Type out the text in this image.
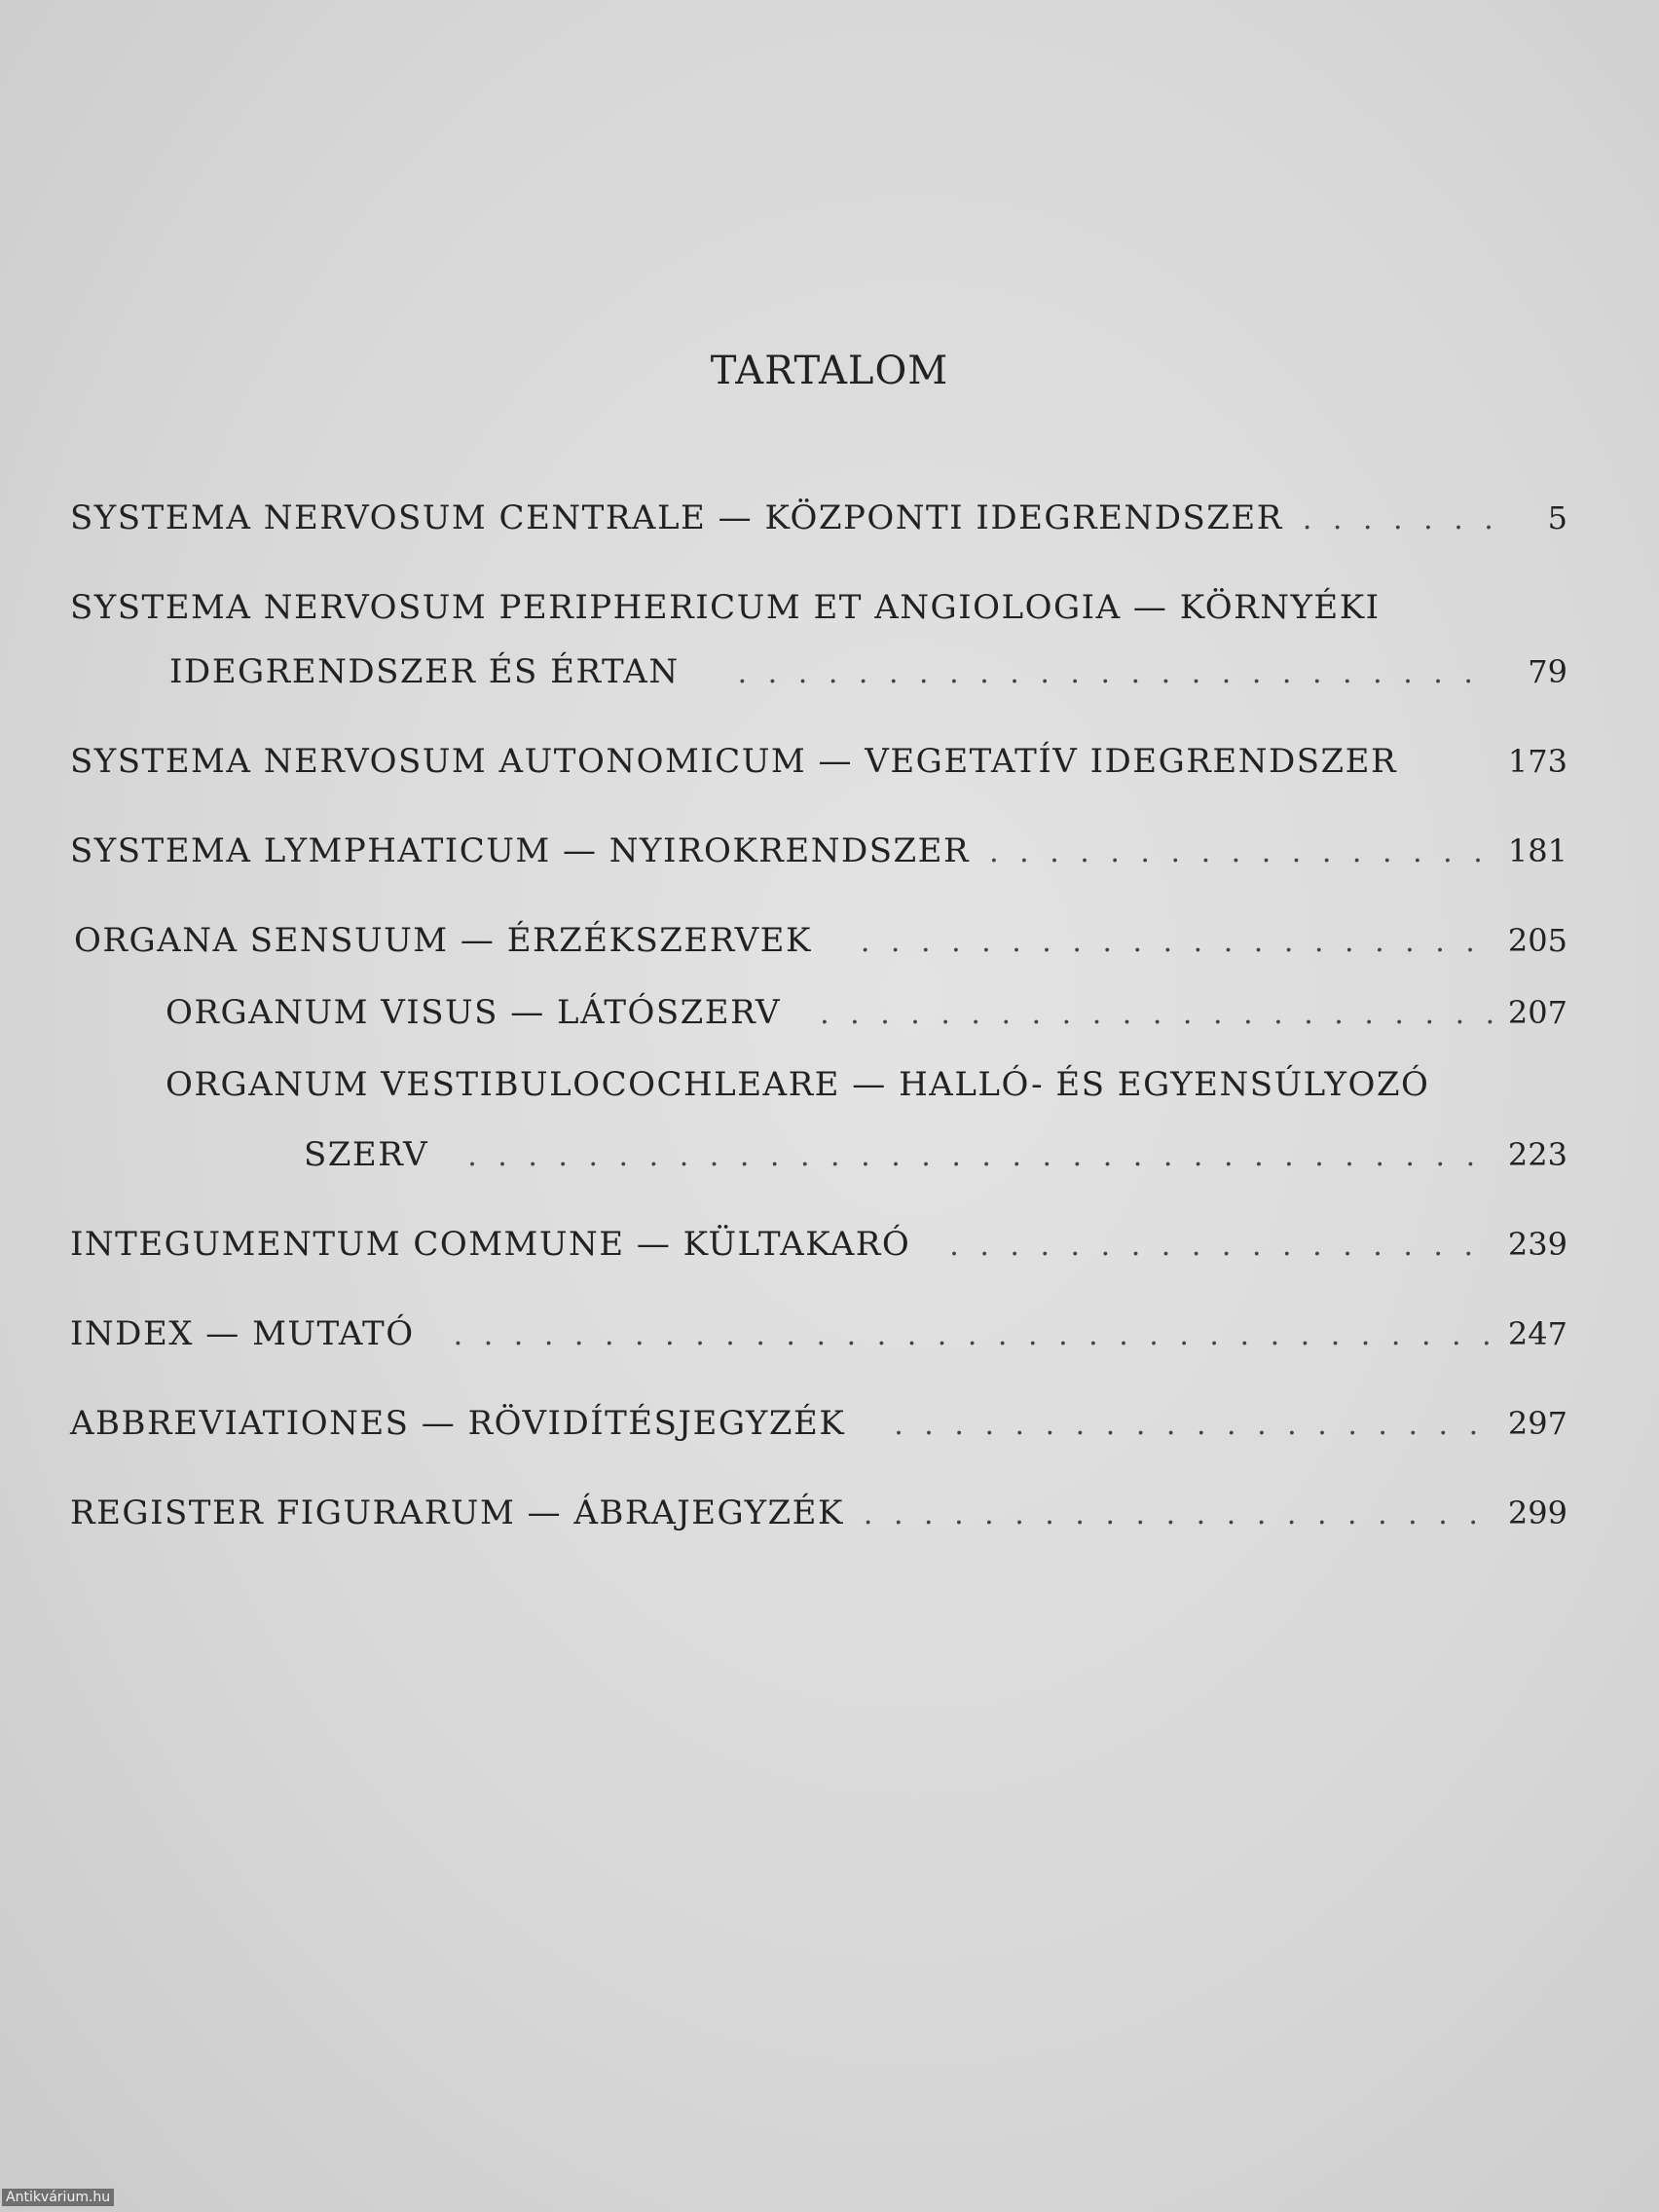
TARTALOM
SYSTEMA NERVOSUM CENTRALE — KÖZPONTI IDEGRENDSZER . . .	5
SYSTEMA NERVOSUM PERIPHERICUM ET ANGIOLOGIA — KÖRNYÉKI
IDEGRENDSZER ÉS ÉRTAN . . .	79
SYSTEMA NERVOSUM AUTONOMICUM — VEGETATÍV IDEGRENDSZER	173
SYSTEMA LYMPHATICUM — NYIROKRENDSZER . . .	181
ORGANA SENSUUM — ÉRZÉKSZERVEK . . .	205
ORGANUM VISUS — LÁTÓSZERV . . .	207
ORGANUM VESTIBULOCOCHLEARE — HALLÓ- ÉS EGYENSÚLYOZÓ
SZERV . . .	223
INTEGUMENTUM COMMUNE — KÜLTAKARÓ . . .	239
INDEX — MUTATÓ . . .	247
ABBREVIATIONES — RÖVIDÍTÉSJEGYZÉK . . .	297
REGISTER FIGURARUM — ÁBRAJEGYZÉK . . .	299
Antikvárium.hu
